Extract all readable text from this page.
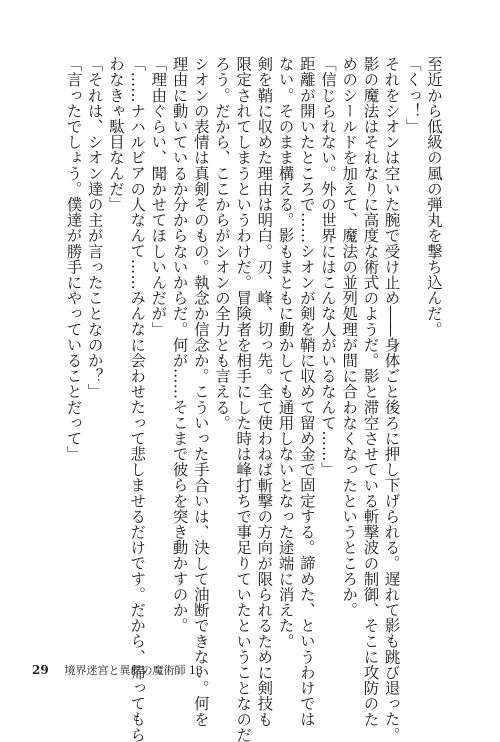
至近から低級の風の弾丸を撃ち込んだ。

「くっ！」

それをシオンは空いた腕で受け止め――身体ごと後ろに押し下げられる。遅れて影も跳び退った。

影の魔法はそれなりに高度な術式のようだ。影と滞空させている斬撃波の制御、そこに攻防のた

めのシールドを加えて、魔法の並列処理が間に合わなくなったというところか。

「信じられない。外の世界にはこんな人がいるなんて……」

距離が開いたところで……シオンが剣を鞘に収めて留め金で固定する。諦めた、というわけでは

ない。そのまま構える。影もまともに動かしても通用しないとなった途端に消えた。

剣を鞘に収めた理由は明白。刃、峰、切っ先。全て使わねば斬撃の方向が限られるために剣技も

限定されてしまうというわけだ。冒険者を相手にした時は峰打ちで事足りていたということなのだ

ろう。だから、ここからがシオンの全力とも言える。

シオンの表情は真剣そのもの。執念か信念か。こういった手合いは、決して油断できない。何を

理由に動いているか分からないからだ。何が……そこまで彼らを突き動かすのか。

「理由ぐらい、聞かせてほしいんだが」

「……ナハルビアの人なんて……みんなに会わせたって悲しませるだけです。だから、帰ってもら

わなきゃ駄目なんだ」

「それは、シオン達の主が言ったことなのか？」

「言ったでしょう。僕達が勝手にやっていることだって」

29 境界迷宮と異界の魔術師 13
